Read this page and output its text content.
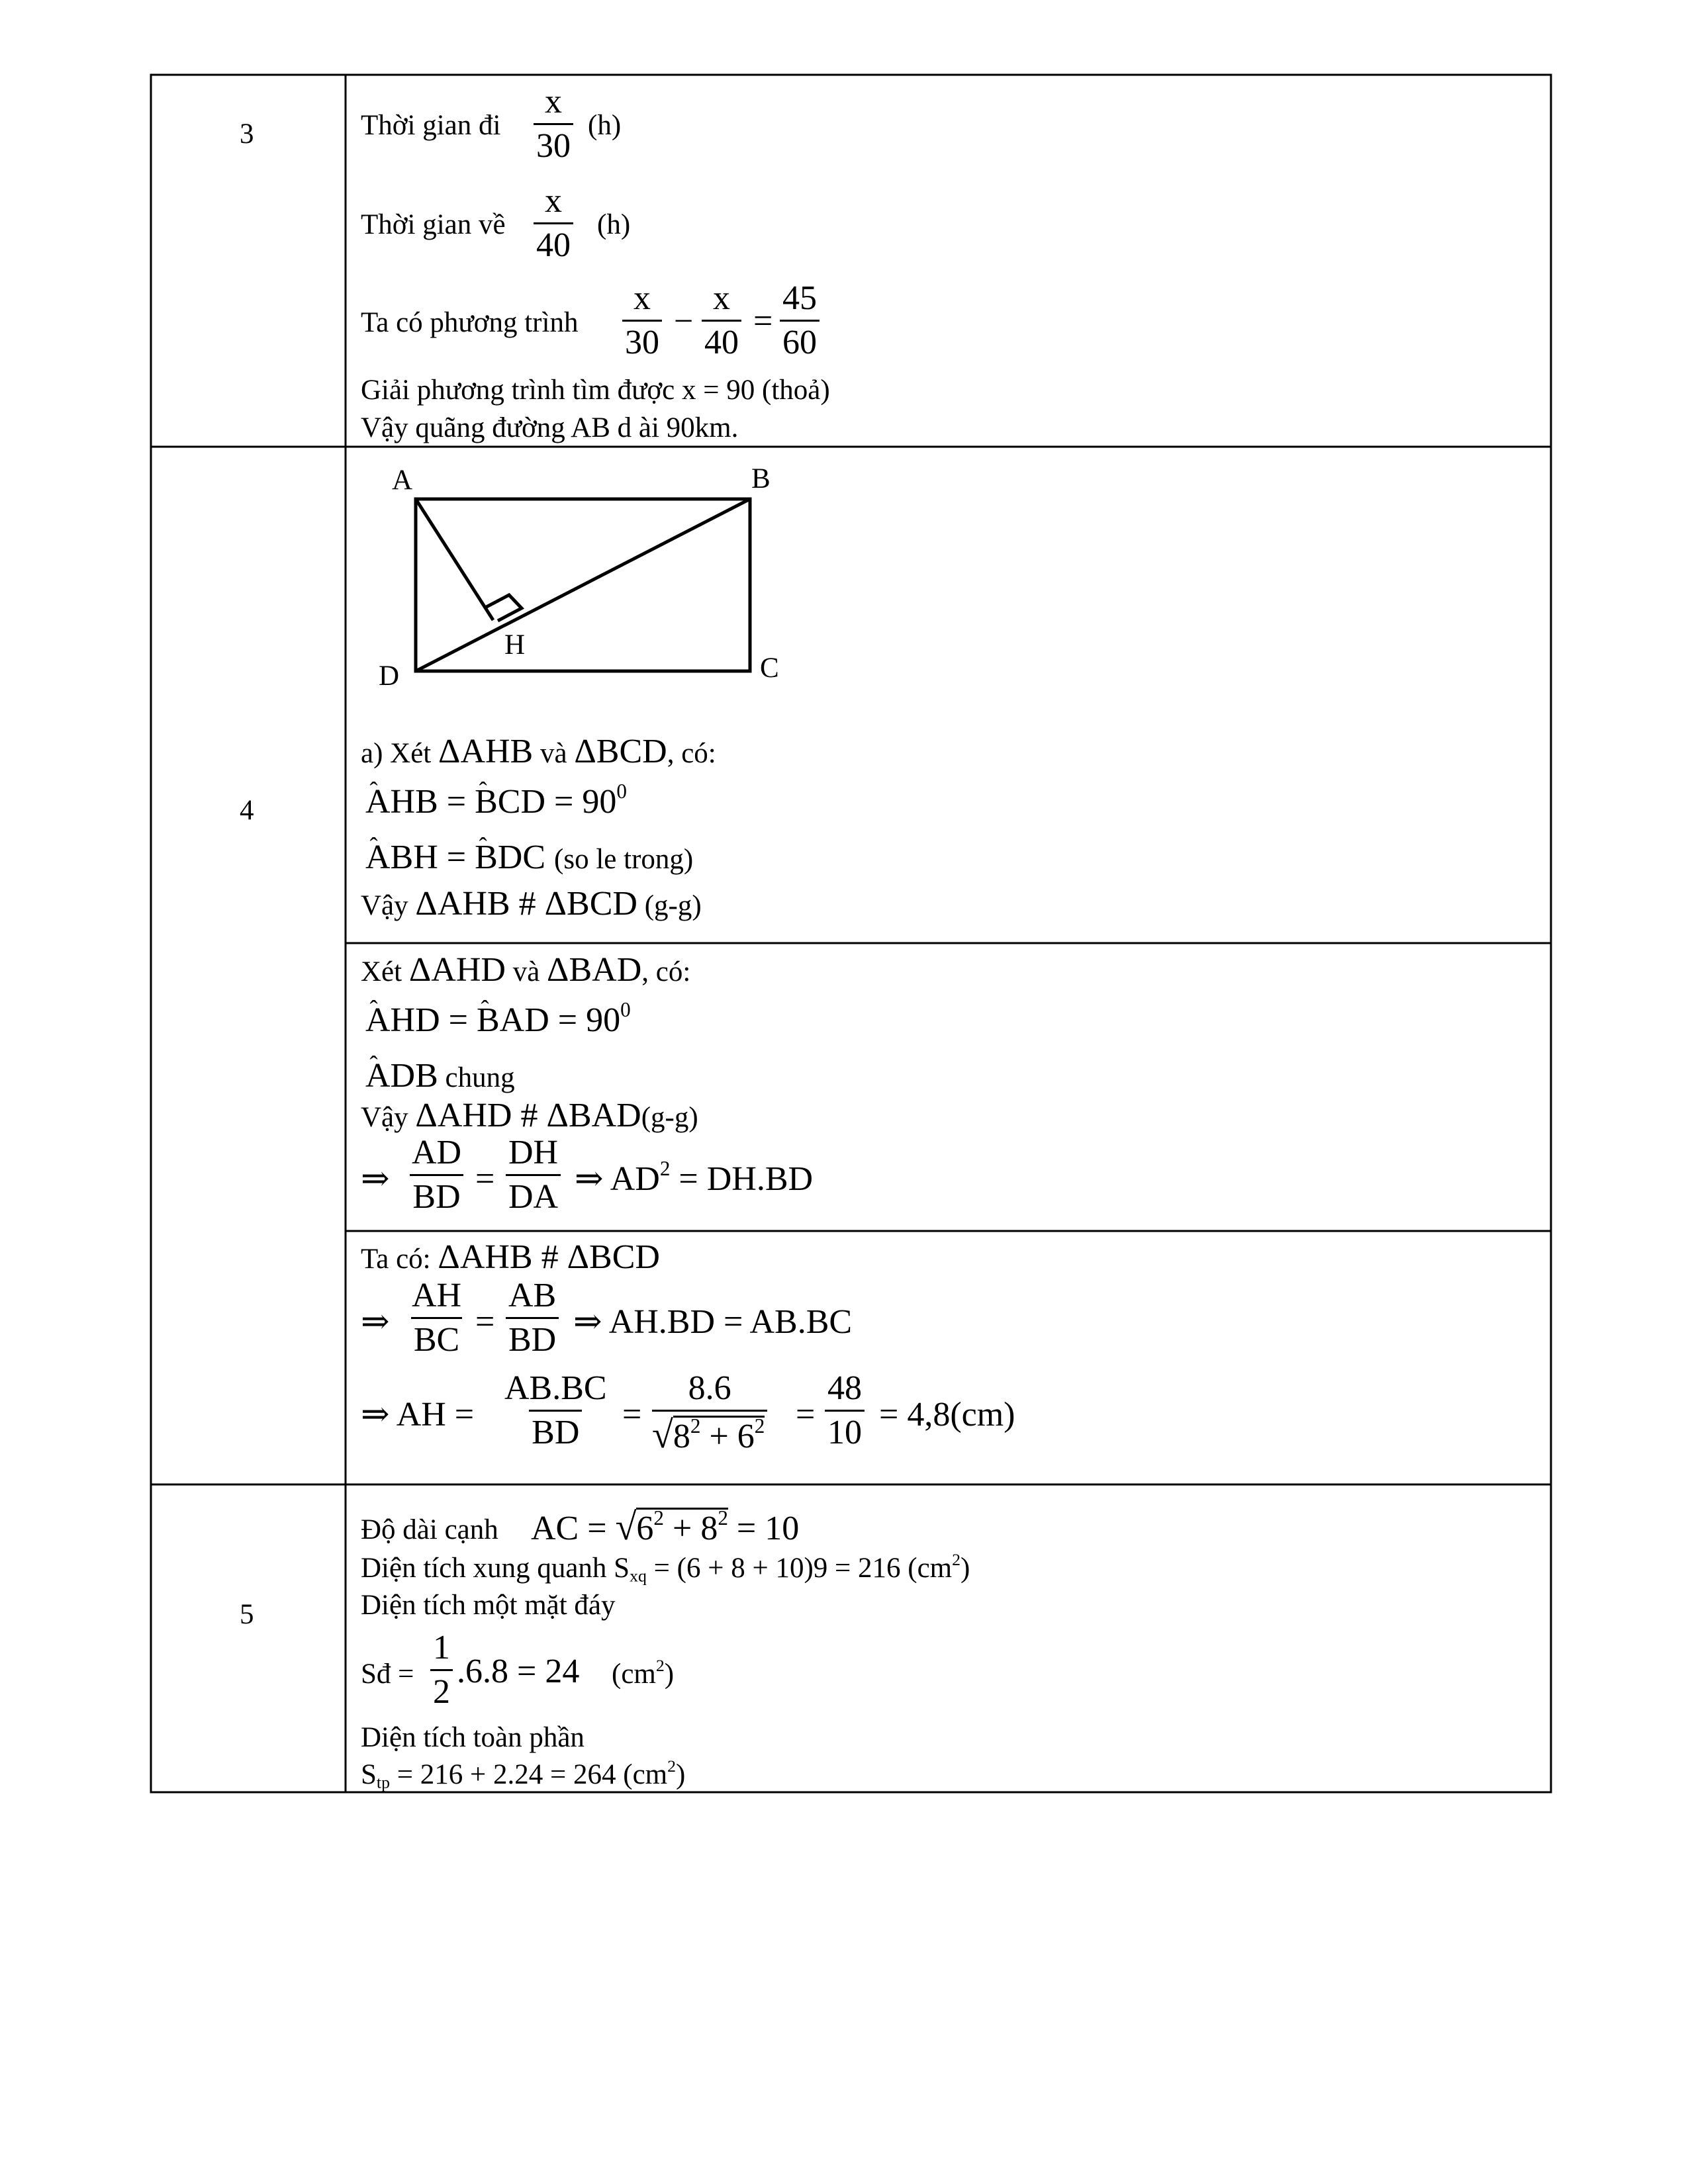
3	Thời gian đi $\frac{x}{30} (h)$
Thời gian về $\frac{x}{40} (h)$
Ta có phương trình $\frac{x}{30} - \frac{x}{40} = \frac{45}{60}$
Giải phương trình tìm được x = 90 (thoả)
Vậy quãng đường AB d ài 90km.
4
A	B
C
D
H
a) Xét ΔAHB và ΔBCD, có:
ˆ AHB = ˆ BCD = $90^0$
ˆ ABH = ˆ BDC (so le trong)
Vậy ΔAHB # ΔBCD (g-g)
Xét ΔAHD và ΔBAD, có:
ˆ AHD = ˆ BAD = $90^0$
ˆ ADB chung
Vậy ΔAHD # ΔBAD(g-g)
⇒ $\frac{AD}{BD} = \frac{DH}{DA}$ ⇒ $AD^2 = DH.BD$
Ta có: ΔAHB # ΔBCD
⇒ $\frac{AH}{BC} = \frac{AB}{BD}$ ⇒ AH.BD = AB.BC
⇒ AH = $\frac{AB.BC}{BD} = \frac{8.6}{√8^2 + 6^2} = \frac{48}{10} = 4,8(cm)$
5
Độ dài cạnh AC = $√6^2 + 8^2 = 10$
Diện tích xung quanh $S_{xq} = (6 + 8 + 10)9 = 216$ $(cm^2)$
Diện tích một mặt đáy
Sđ = $\frac{1}{2} .6.8 = 24$ $(cm^2)$
Diện tích toàn phần
$S_{tp} = 216 + 2.24 = 264$ $(cm^2)$
